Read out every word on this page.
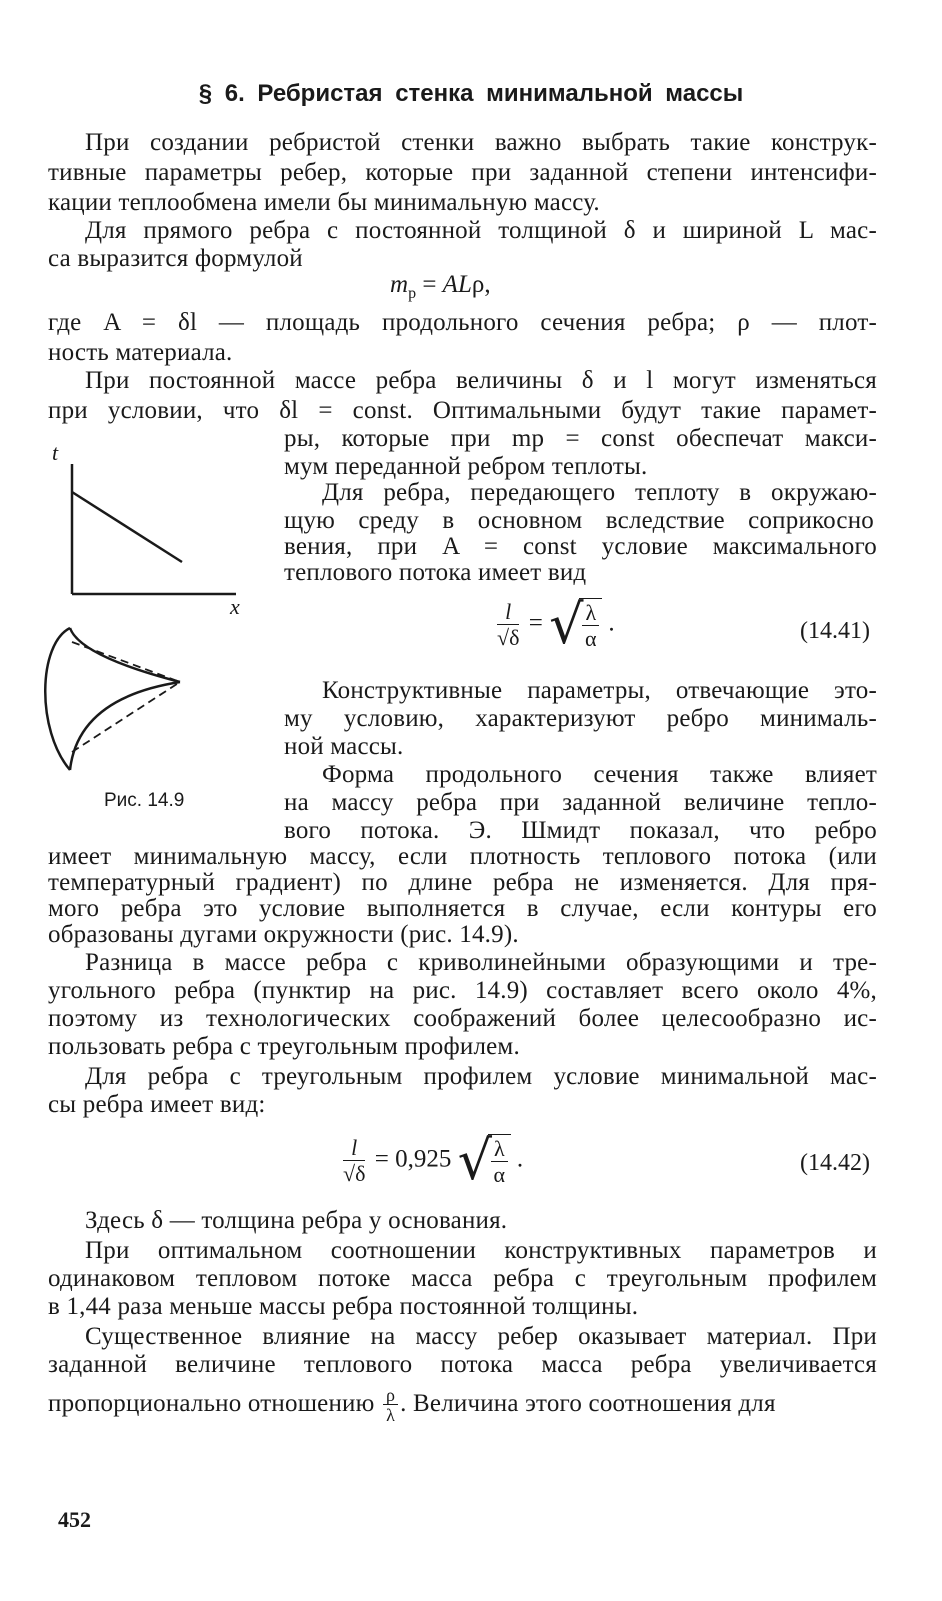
§ 6. Ребристая стенка минимальной массы
При создании ребристой стенки важно выбрать такие конструк-
тивные параметры ребер, которые при заданной степени интенсифи-
кации теплообмена имели бы минимальную массу.
Для прямого ребра с постоянной толщиной δ и шириной L мас-
са выразится формулой
$m_р = AL\rho$,
где A = δl — площадь продольного сечения ребра; ρ — плот-
ность материала.
При постоянной массе ребра величины δ и l могут изменяться
при условии, что δl = const. Оптимальными будут такие парамет-
ры, которые при mр = const обеспечат макси-
мум переданной ребром теплоты.
Для ребра, передающего теплоту в окружаю-
щую среду в основном вследствие соприкосно
вения, при A = const условие максимального
теплового потока имеет вид
$\frac{l}{√\delta}$ = √ $\frac{\lambda}{\alpha}$ .	(14.41)
Конструктивные параметры, отвечающие это-
му условию, характеризуют ребро минималь-
ной массы.
Форма продольного сечения также влияет
на массу ребра при заданной величине тепло-
вого потока. Э. Шмидт показал, что ребро
имеет минимальную массу, если плотность теплового потока (или
температурный градиент) по длине ребра не изменяется. Для пря-
мого ребра это условие выполняется в случае, если контуры его
образованы дугами окружности (рис. 14.9).
Разница в массе ребра с криволинейными образующими и тре-
угольного ребра (пунктир на рис. 14.9) составляет всего около 4%,
поэтому из технологических соображений более целесообразно ис-
пользовать ребра с треугольным профилем.
Для ребра с треугольным профилем условие минимальной мас-
сы ребра имеет вид:
$\frac{l}{√\delta} = 0,925$ √ $\frac{\lambda}{\alpha}$ .	(14.42)
Здесь δ — толщина ребра у основания.
При оптимальном соотношении конструктивных параметров и
одинаковом тепловом потоке масса ребра с треугольным профилем
в 1,44 раза меньше массы ребра постоянной толщины.
Существенное влияние на массу ребер оказывает материал. При
заданной величине теплового потока масса ребра увеличивается
пропорционально отношению $\frac{\rho}{\lambda}$ . Величина этого соотношения для
t
x
Рис. 14.9
452
